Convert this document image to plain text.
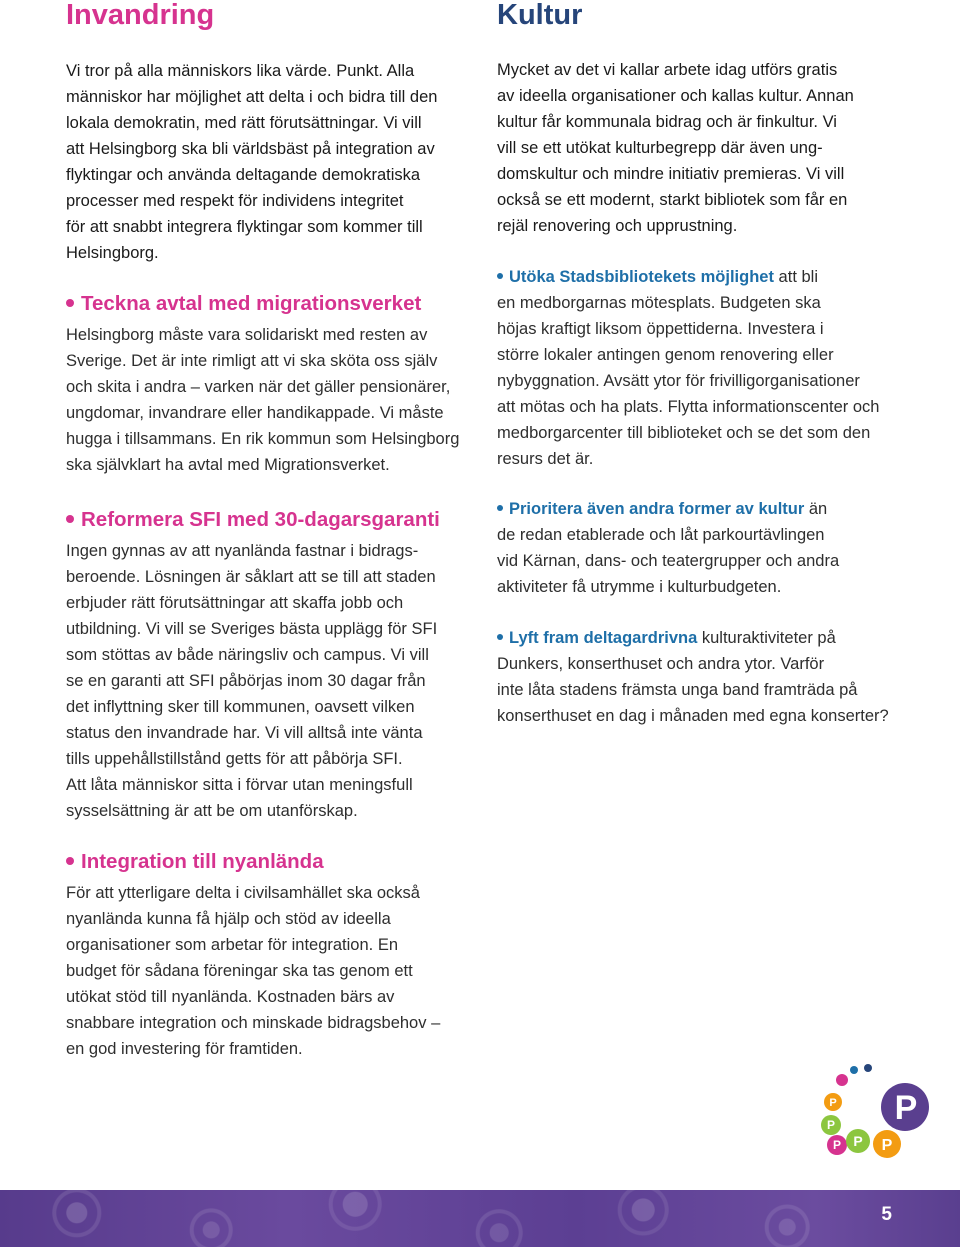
Invandring

Vi tror på alla människors lika värde. Punkt. Alla
människor har möjlighet att delta i och bidra till den
lokala demokratin, med rätt förutsättningar. Vi vill
att Helsingborg ska bli världsbäst på integration av
flyktingar och använda deltagande demokratiska
processer med respekt för individens integritet
för att snabbt integrera flyktingar som kommer till
Helsingborg.

Teckna avtal med migrationsverket

Helsingborg måste vara solidariskt med resten av
Sverige. Det är inte rimligt att vi ska sköta oss själv
och skita i andra – varken när det gäller pensionärer,
ungdomar, invandrare eller handikappade. Vi måste
hugga i tillsammans. En rik kommun som Helsingborg
ska självklart ha avtal med Migrationsverket.

Reformera SFI med 30-dagarsgaranti

Ingen gynnas av att nyanlända fastnar i bidrags-
beroende. Lösningen är såklart att se till att staden
erbjuder rätt förutsättningar att skaffa jobb och
utbildning. Vi vill se Sveriges bästa upplägg för SFI
som stöttas av både näringsliv och campus. Vi vill
se en garanti att SFI påbörjas inom 30 dagar från
det inflyttning sker till kommunen, oavsett vilken
status den invandrade har. Vi vill alltså inte vänta
tills uppehållstillstånd getts för att påbörja SFI.
Att låta människor sitta i förvar utan meningsfull
sysselsättning är att be om utanförskap.

Integration till nyanlända

För att ytterligare delta i civilsamhället ska också
nyanlända kunna få hjälp och stöd av ideella
organisationer som arbetar för integration. En
budget för sådana föreningar ska tas genom ett
utökat stöd till nyanlända. Kostnaden bärs av
snabbare integration och minskade bidragsbehov –
en god investering för framtiden.

Kultur

Mycket av det vi kallar arbete idag utförs gratis
av ideella organisationer och kallas kultur. Annan
kultur får kommunala bidrag och är finkultur. Vi
vill se ett utökat kulturbegrepp där även ung-
domskultur och mindre initiativ premieras. Vi vill
också se ett modernt, starkt bibliotek som får en
rejäl renovering och upprustning.

Utöka Stadsbibliotekets möjlighet att bli
en medborgarnas mötesplats. Budgeten ska
höjas kraftigt liksom öppettiderna. Investera i
större lokaler antingen genom renovering eller
nybyggnation. Avsätt ytor för frivilligorganisationer
att mötas och ha plats. Flytta informationscenter och
medborgarcenter till biblioteket och se det som den
resurs det är.

Prioritera även andra former av kultur än
de redan etablerade och låt parkourtävlingen
vid Kärnan, dans- och teatergrupper och andra
aktiviteter få utrymme i kulturbudgeten.

Lyft fram deltagardrivna kulturaktiviteter på
Dunkers, konserthuset och andra ytor. Varför
inte låta stadens främsta unga band framträda på
konserthuset en dag i månaden med egna konserter?

P
P
P P P
P

5
